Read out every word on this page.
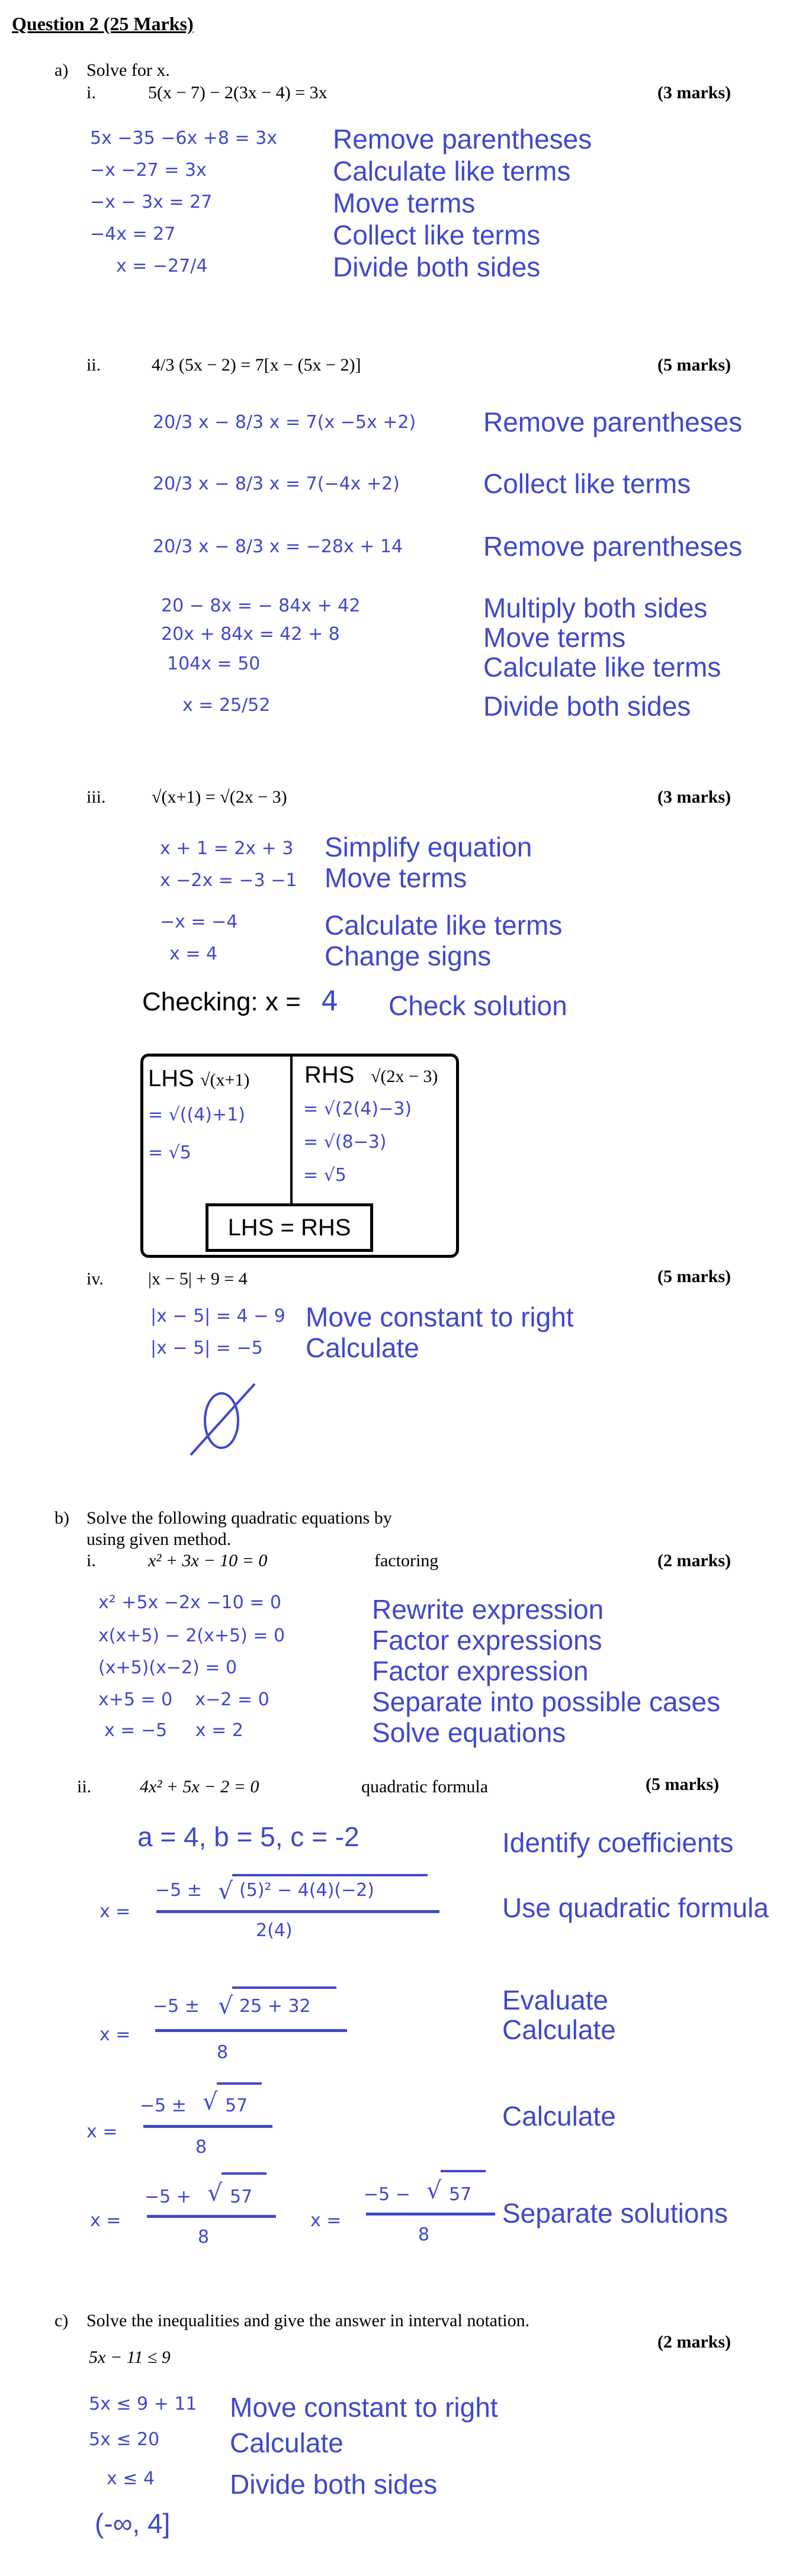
Question 2 (25 Marks)
a) Solve for x.
i.	5(x − 7) − 2(3x − 4) = 3x	(3 marks)
5x −35 −6x +8 = 3x Remove parentheses
−x −27 = 3x	Calculate like terms
−x − 3x = 27	Move terms
−4x = 27	Collect like terms
x = −27/4	Divide both sides
ii.	4/3 (5x − 2) = 7[x − (5x − 2)]	(5 marks)
20/3 x − 8/3 x = 7(x −5x +2) Remove parentheses
20/3 x − 8/3 x = 7(−4x +2)	Collect like terms
20/3 x − 8/3 x = −28x + 14	Remove parentheses
20 − 8x = − 84x + 42	Multiply both sides
20x + 84x = 42 + 8	Move terms
104x = 50	Calculate like terms
x = 25/52	Divide both sides
iii.	√(x+1) = √(2x − 3)	(3 marks)
x + 1 = 2x + 3 Simplify equation
x −2x = −3 −1 Move terms
−x = −4	Calculate like terms
x = 4	Change signs
Checking: x = 4 Check solution
LHS √(x+1)
= √((4)+1)
= √5
RHS √(2x − 3)
= √(2(4)−3)
= √(8−3)
= √5
LHS = RHS
iv.	|x − 5| + 9 = 4	(5 marks)
|x − 5| = 4 − 9 Move constant to right
|x − 5| = −5 Calculate
b) Solve the following quadratic equations by
using given method.
i.	x² + 3x − 10 = 0	factoring	(2 marks)
x² +5x −2x −10 = 0	Rewrite expression
x(x+5) − 2(x+5) = 0	Factor expressions
(x+5)(x−2) = 0	Factor expression
x+5 = 0    x−2 = 0	Separate into possible cases
x = −5     x = 2	Solve equations
ii.	4x² + 5x − 2 = 0	quadratic formula	(5 marks)
a = 4, b = 5, c = -2	Identify coefficients
x =
−5 ± √ (5)² − 4(4)(−2)
2(4)
Use quadratic formula
x =
−5 ± √ 25 + 32
8
Evaluate
Calculate
x =
−5 ± √ 57
8
Calculate
x =
−5 + √ 57
8
x =
−5 − √ 57
8
Separate solutions
c) Solve the inequalities and give the answer in interval notation.
(2 marks)
5x − 11 ≤ 9
5x ≤ 9 + 11 Move constant to right
5x ≤ 20	Calculate
x ≤ 4	Divide both sides
(-∞, 4]
